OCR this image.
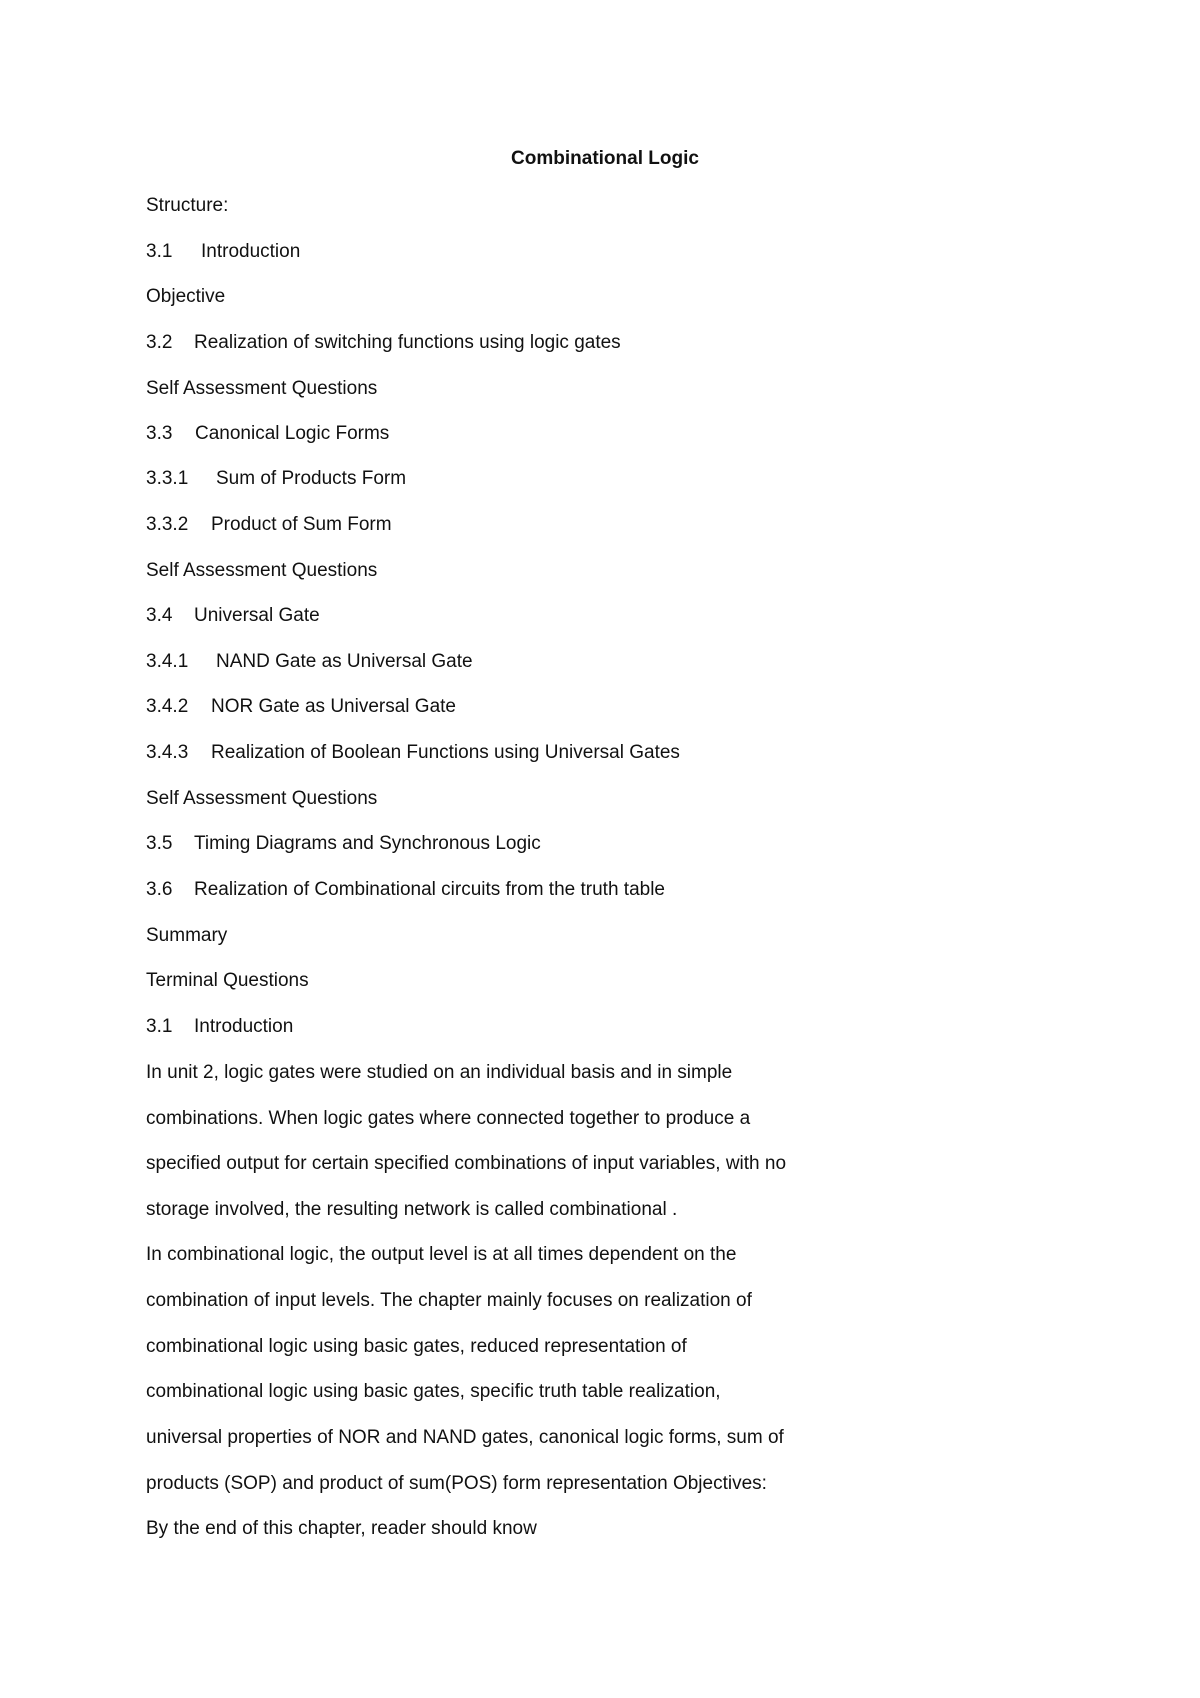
Combinational Logic
Structure:
3.1 Introduction
Objective
3.2 Realization of switching functions using logic gates
Self Assessment Questions
3.3 Canonical Logic Forms
3.3.1 Sum of Products Form
3.3.2 Product of Sum Form
Self Assessment Questions
3.4 Universal Gate
3.4.1 NAND Gate as Universal Gate
3.4.2 NOR Gate as Universal Gate
3.4.3 Realization of Boolean Functions using Universal Gates
Self Assessment Questions
3.5 Timing Diagrams and Synchronous Logic
3.6 Realization of Combinational circuits from the truth table
Summary
Terminal Questions
3.1 Introduction
In unit 2, logic gates were studied on an individual basis and in simple
combinations. When logic gates where connected together to produce a
specified output for certain specified combinations of input variables, with no
storage involved, the resulting network is called combinational .
In combinational logic, the output level is at all times dependent on the
combination of input levels. The chapter mainly focuses on realization of
combinational logic using basic gates, reduced representation of
combinational logic using basic gates, specific truth table realization,
universal properties of NOR and NAND gates, canonical logic forms, sum of
products (SOP) and product of sum(POS) form representation Objectives:
By the end of this chapter, reader should know
